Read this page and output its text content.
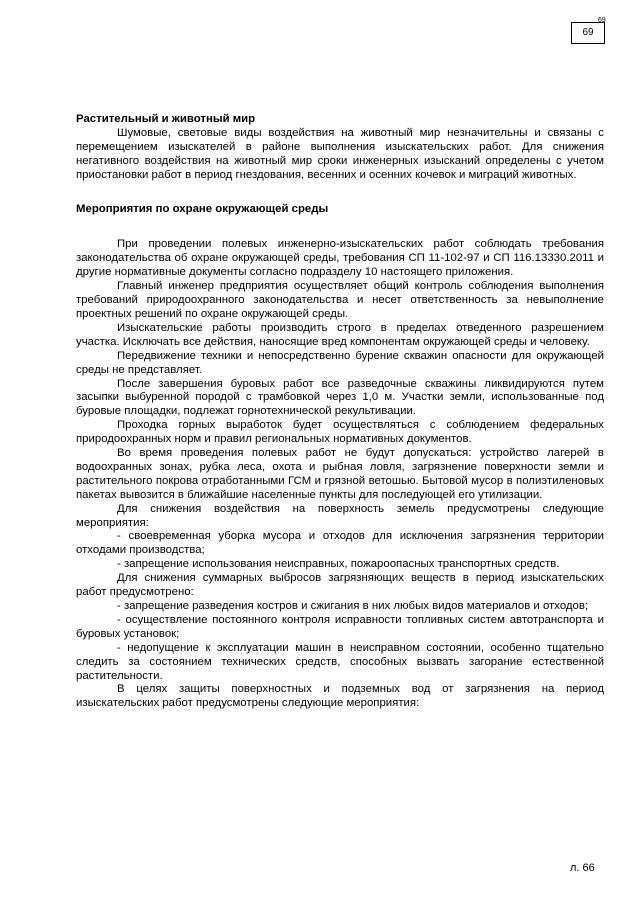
69
69
Растительный и животный мир
Шумовые, световые виды воздействия на животный мир незначительны и связаны с перемещением изыскателей в районе выполнения изыскательских работ. Для снижения негативного воздействия на животный мир сроки инженерных изысканий определены с учетом приостановки работ в период гнездования, весенних и осенних кочевок и миграций животных.
Мероприятия по охране окружающей среды
При проведении полевых инженерно-изыскательских работ соблюдать требования законодательства об охране окружающей среды, требования СП 11-102-97 и СП 116.13330.2011 и другие нормативные документы согласно подразделу 10 настоящего приложения.
Главный инженер предприятия осуществляет общий контроль соблюдения выполнения требований природоохранного законодательства и несет ответственность за невыполнение проектных решений по охране окружающей среды.
Изыскательские работы производить строго в пределах отведенного разрешением участка. Исключать все действия, наносящие вред компонентам окружающей среды и человеку.
Передвижение техники и непосредственно бурение скважин опасности для окружающей среды не представляет.
После завершения буровых работ все разведочные скважины ликвидируются путем засыпки выбуренной породой с трамбовкой через 1,0 м. Участки земли, использованные под буровые площадки, подлежат горнотехнической рекультивации.
Проходка горных выработок будет осуществляться с соблюдением федеральных природоохранных норм и правил региональных нормативных документов.
Во время проведения полевых работ не будут допускаться: устройство лагерей в водоохранных зонах, рубка леса, охота и рыбная ловля, загрязнение поверхности земли и растительного покрова отработанными ГСМ и грязной ветошью. Бытовой мусор в полиэтиленовых пакетах вывозится в ближайшие населенные пункты для последующей его утилизации.
Для снижения воздействия на поверхность земель предусмотрены следующие мероприятия:
- своевременная уборка мусора и отходов для исключения загрязнения территории отходами производства;
- запрещение использования неисправных, пожароопасных транспортных средств.
Для снижения суммарных выбросов загрязняющих веществ в период изыскательских работ предусмотрено:
- запрещение разведения костров и сжигания в них любых видов материалов и отходов;
- осуществление постоянного контроля исправности топливных систем автотранспорта и буровых установок;
- недопущение к эксплуатации машин в неисправном состоянии, особенно тщательно следить за состоянием технических средств, способных вызвать загорание естественной растительности.
В целях защиты поверхностных и подземных вод от загрязнения на период изыскательских работ предусмотрены следующие мероприятия:
л. 66
